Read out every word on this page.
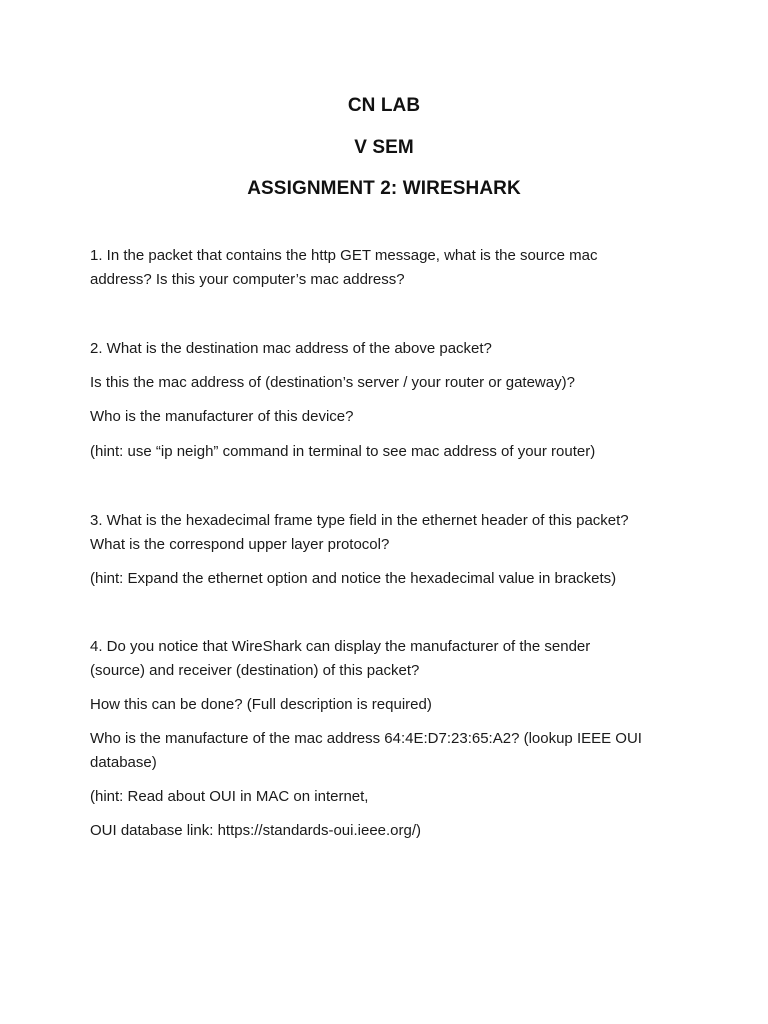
CN LAB
V SEM
ASSIGNMENT 2: WIRESHARK
1. In the packet that contains the http GET message, what is the source mac
address? Is this your computer’s mac address?
2. What is the destination mac address of the above packet?
Is this the mac address of (destination’s server / your router or gateway)?
Who is the manufacturer of this device?
(hint: use “ip neigh” command in terminal to see mac address of your router)
3. What is the hexadecimal frame type field in the ethernet header of this packet?
What is the correspond upper layer protocol?
(hint: Expand the ethernet option and notice the hexadecimal value in brackets)
4. Do you notice that WireShark can display the manufacturer of the sender
(source) and receiver (destination) of this packet?
How this can be done? (Full description is required)
Who is the manufacture of the mac address 64:4E:D7:23:65:A2? (lookup IEEE OUI
database)
(hint: Read about OUI in MAC on internet,
OUI database link: https://standards-oui.ieee.org/)
